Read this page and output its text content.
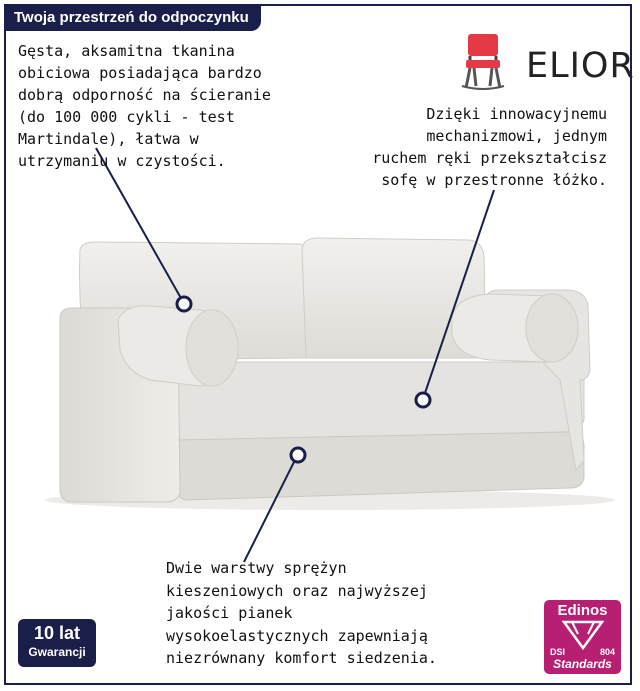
Twoja przestrzeń do odpoczynku
Gęsta, aksamitna tkanina
obiciowa posiadająca bardzo
dobrą odporność na ścieranie
(do 100 000 cykli - test
Martindale), łatwa w
utrzymaniu w czystości.
Dzięki innowacyjnemu
mechanizmowi, jednym
ruchem ręki przekształcisz
sofę w przestronne łóżko.
Dwie warstwy sprężyn
kieszeniowych oraz najwyższej
jakości pianek
wysokoelastycznych zapewniają
niezrównany komfort siedzenia.
ELIOR
10 lat
Gwarancji
Edinos
DSI	804
Standards
